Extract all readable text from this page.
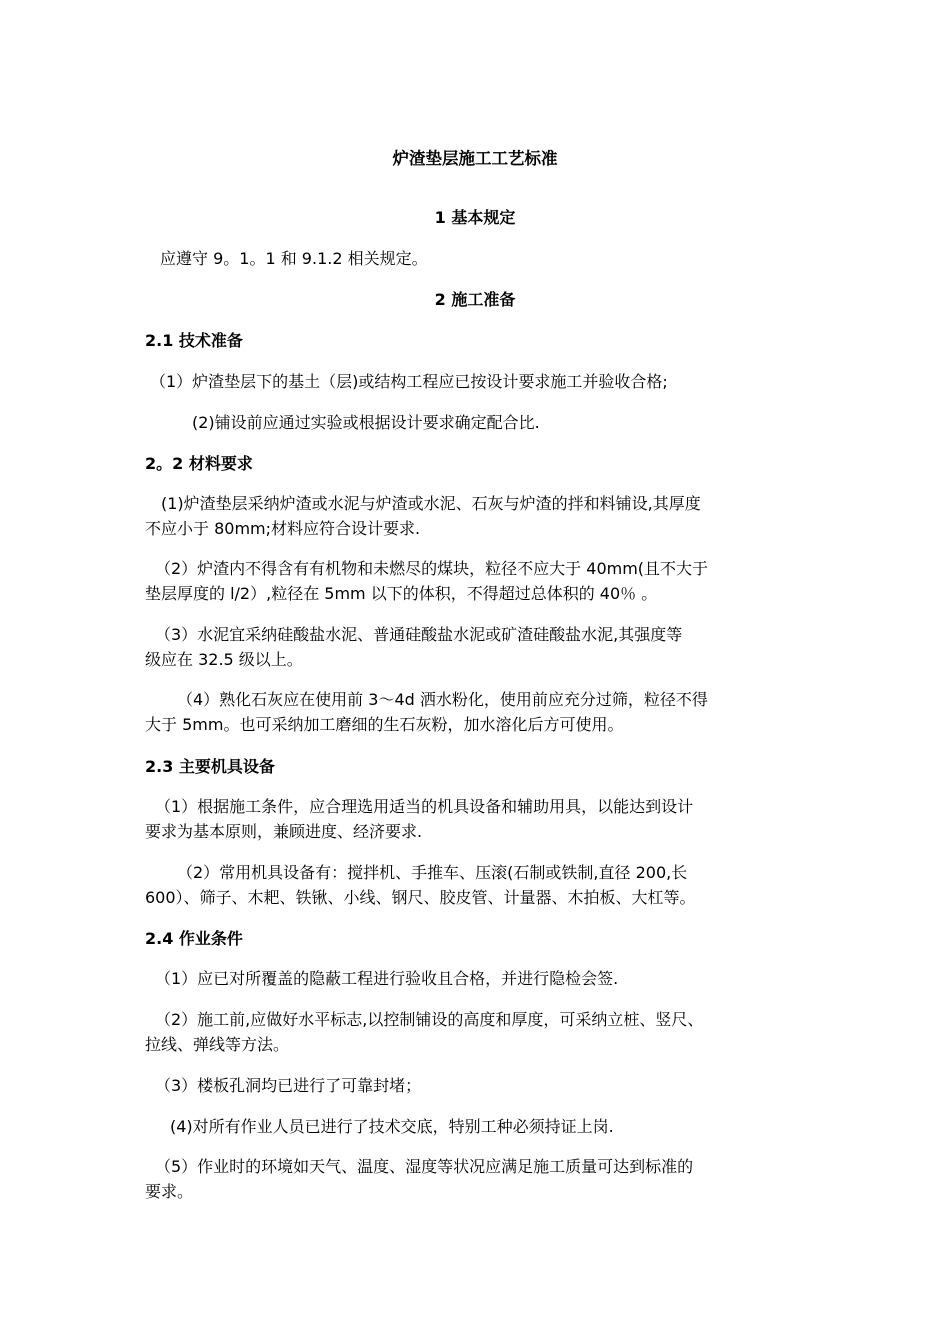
炉渣垫层施工工艺标准

1 基本规定

应遵守 9。1。1 和 9.1.2 相关规定。

2 施工准备

2.1 技术准备

（1）炉渣垫层下的基土（层)或结构工程应已按设计要求施工并验收合格;

(2)铺设前应通过实验或根据设计要求确定配合比.

2。2 材料要求

(1)炉渣垫层采纳炉渣或水泥与炉渣或水泥、石灰与炉渣的拌和料铺设,其厚度
不应小于 80mm;材料应符合设计要求.
（2）炉渣内不得含有有机物和未燃尽的煤块，粒径不应大于 40mm(且不大于
垫层厚度的 l/2）,粒径在 5mm 以下的体积，不得超过总体积的 40％ 。
（3）水泥宜采纳硅酸盐水泥、普通硅酸盐水泥或矿渣硅酸盐水泥,其强度等
级应在 32.5 级以上。
（4）熟化石灰应在使用前 3～4d 洒水粉化，使用前应充分过筛，粒径不得
大于 5mm。也可采纳加工磨细的生石灰粉，加水溶化后方可使用。

2.3 主要机具设备

（1）根据施工条件，应合理选用适当的机具设备和辅助用具，以能达到设计
要求为基本原则，兼顾进度、经济要求.
（2）常用机具设备有：搅拌机、手推车、压滚(石制或铁制,直径 200,长
600）、筛子、木耙、铁锹、小线、钢尺、胶皮管、计量器、木拍板、大杠等。

2.4 作业条件

（1）应已对所覆盖的隐蔽工程进行验收且合格，并进行隐检会签.

（2）施工前,应做好水平标志,以控制铺设的高度和厚度，可采纳立桩、竖尺、
拉线、弹线等方法。

（3）楼板孔洞均已进行了可靠封堵；

(4)对所有作业人员已进行了技术交底，特别工种必须持证上岗.

（5）作业时的环境如天气、温度、湿度等状况应满足施工质量可达到标准的
要求。
